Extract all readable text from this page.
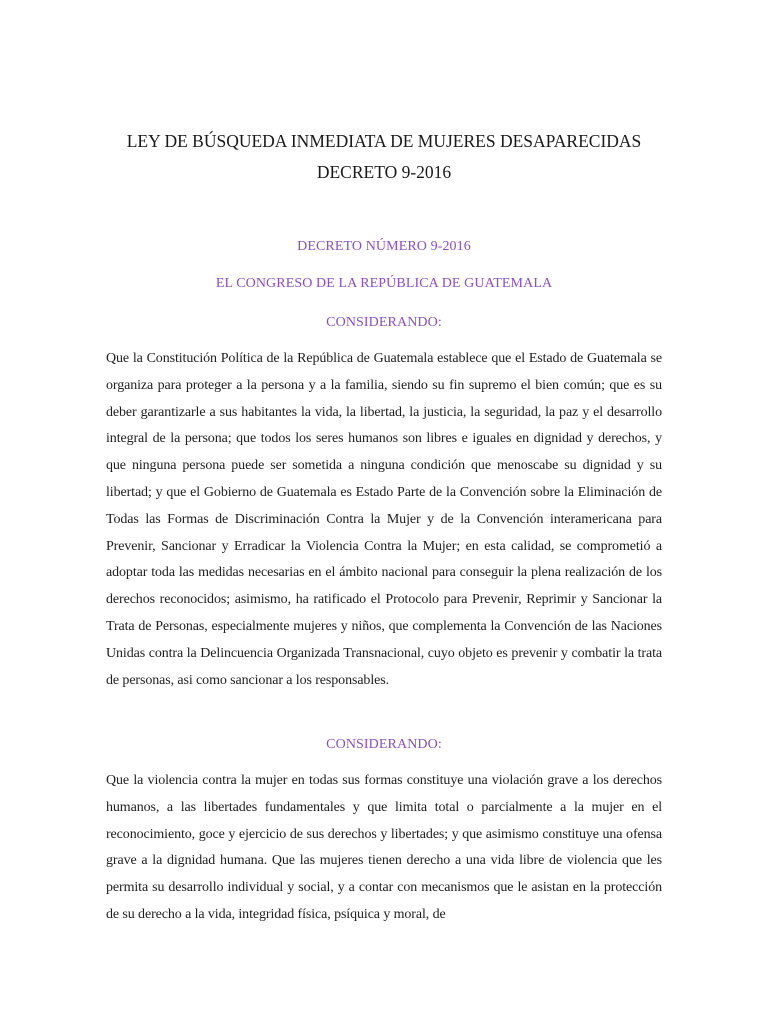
LEY DE BÚSQUEDA INMEDIATA DE MUJERES DESAPARECIDAS
DECRETO 9-2016
DECRETO NÚMERO 9-2016
EL CONGRESO DE LA REPÚBLICA DE GUATEMALA
CONSIDERANDO:

Que la Constitución Política de la República de Guatemala establece que el Estado de Guatemala se organiza para proteger a la persona y a la familia, siendo su fin supremo el bien común; que es su deber garantizarle a sus habitantes la vida, la libertad, la justicia, la seguridad, la paz y el desarrollo integral de la persona; que todos los seres humanos son libres e iguales en dignidad y derechos, y que ninguna persona puede ser sometida a ninguna condición que menoscabe su dignidad y su libertad; y que el Gobierno de Guatemala es Estado Parte de la Convención sobre la Eliminación de Todas las Formas de Discriminación Contra la Mujer y de la Convención interamericana para Prevenir, Sancionar y Erradicar la Violencia Contra la Mujer; en esta calidad, se comprometió a adoptar toda las medidas necesarias en el ámbito nacional para conseguir la plena realización de los derechos reconocidos; asimismo, ha ratificado el Protocolo para Prevenir, Reprimir y Sancionar la Trata de Personas, especialmente mujeres y niños, que complementa la Convención de las Naciones Unidas contra la Delincuencia Organizada Transnacional, cuyo objeto es prevenir y combatir la trata de personas, asi como sancionar a los responsables.

CONSIDERANDO:

Que la violencia contra la mujer en todas sus formas constituye una violación grave a los derechos humanos, a las libertades fundamentales y que limita total o parcialmente a la mujer en el reconocimiento, goce y ejercicio de sus derechos y libertades; y que asimismo constituye una ofensa grave a la dignidad humana. Que las mujeres tienen derecho a una vida libre de violencia que les permita su desarrollo individual y social, y a contar con mecanismos que le asistan en la protección de su derecho a la vida, integridad física, psíquica y moral, de
